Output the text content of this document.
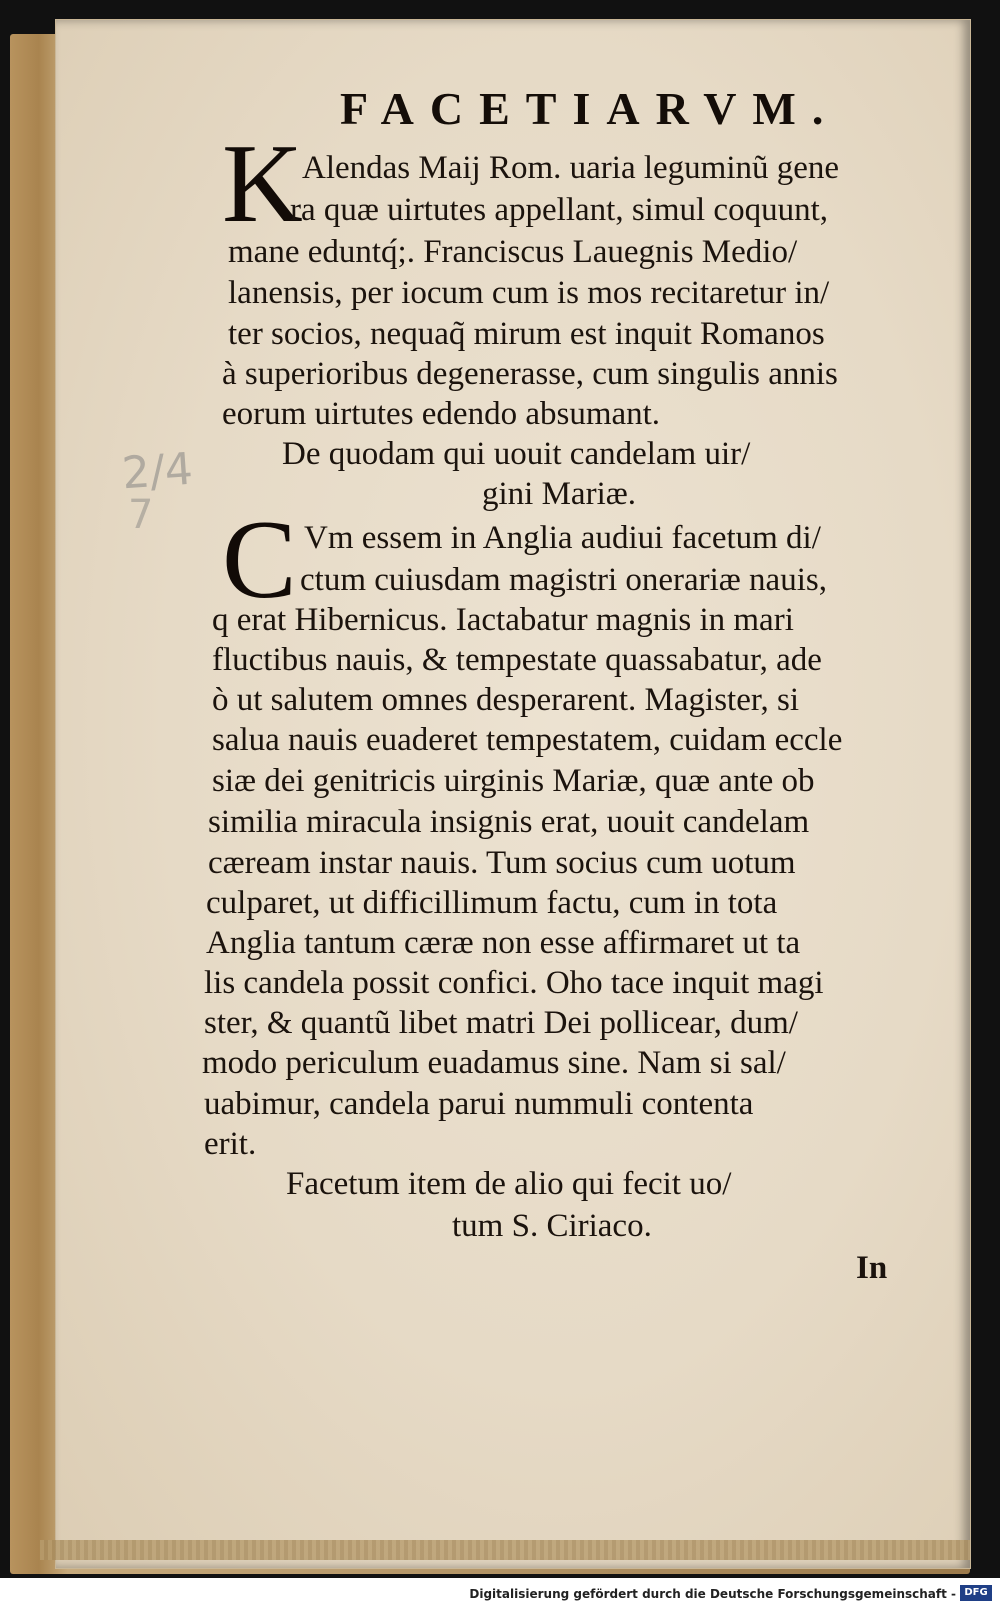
2/4
7
FACETIARVM.
K Alendas Maij Rom. uaria leguminũ gene
ra quæ uirtutes appellant, simul coquunt,
mane eduntq́;. Franciscus Lauegnis Medio/
lanensis, per iocum cum is mos recitaretur in/
ter socios, nequaq̃ mirum est inquit Romanos
à superioribus degenerasse, cum singulis annis
eorum uirtutes edendo absumant.
De quodam qui uouit candelam uir/
gini Mariæ.
C Vm essem in Anglia audiui facetum di/
ctum cuiusdam magistri onerariæ nauis,
q erat Hibernicus. Iactabatur magnis in mari
fluctibus nauis, & tempestate quassabatur, ade
ò ut salutem omnes desperarent. Magister, si
salua nauis euaderet tempestatem, cuidam eccle
siæ dei genitricis uirginis Mariæ, quæ ante ob
similia miracula insignis erat, uouit candelam
cæream instar nauis. Tum socius cum uotum
culparet, ut difficillimum factu, cum in tota
Anglia tantum cæræ non esse affirmaret ut ta
lis candela possit confici. Oho tace inquit magi
ster, & quantũ libet matri Dei pollicear, dum/
modo periculum euadamus sine. Nam si sal/
uabimur, candela parui nummuli contenta
erit.
Facetum item de alio qui fecit uo/
tum S. Ciriaco.
In
Digitalisierung gefördert durch die Deutsche Forschungsgemeinschaft - DFG
